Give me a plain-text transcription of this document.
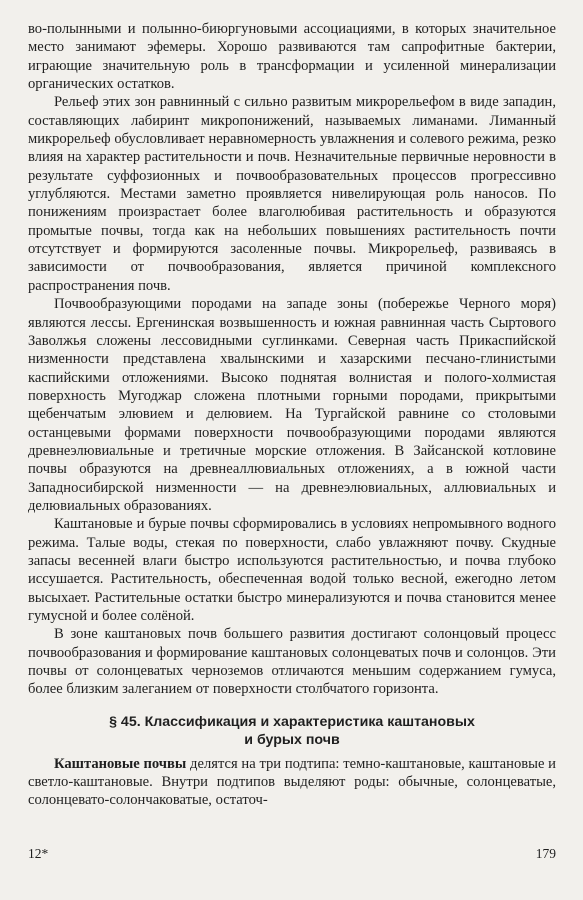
во-полынными и полынно-биюргуновыми ассоциациями, в которых значительное место занимают эфемеры. Хорошо развиваются там сапрофитные бактерии, играющие значительную роль в трансформации и усиленной минерализации органических остатков.

Рельеф этих зон равнинный с сильно развитым микрорельефом в виде западин, составляющих лабиринт микропонижений, называемых лиманами. Лиманный микрорельеф обусловливает неравномерность увлажнения и солевого режима, резко влияя на характер растительности и почв. Незначительные первичные неровности в результате суффозионных и почвообразовательных процессов прогрессивно углубляются. Местами заметно проявляется нивелирующая роль наносов. По понижениям произрастает более влаголюбивая растительность и образуются промытые почвы, тогда как на небольших повышениях растительность почти отсутствует и формируются засоленные почвы. Микрорельеф, развиваясь в зависимости от почвообразования, является причиной комплексного распространения почв.

Почвообразующими породами на западе зоны (побережье Черного моря) являются лессы. Ергенинская возвышенность и южная равнинная часть Сыртового Заволжья сложены лессовидными суглинками. Северная часть Прикаспийской низменности представлена хвалынскими и хазарскими песчано-глинистыми каспийскими отложениями. Высоко поднятая волнистая и полого-холмистая поверхность Мугоджар сложена плотными горными породами, прикрытыми щебенчатым элювием и делювием. На Тургайской равнине со столовыми останцевыми формами поверхности почвообразующими породами являются древнеэлювиальные и третичные морские отложения. В Зайсанской котловине почвы образуются на древнеаллювиальных отложениях, а в южной части Западносибирской низменности — на древнеэлювиальных, аллювиальных и делювиальных образованиях.

Каштановые и бурые почвы сформировались в условиях непромывного водного режима. Талые воды, стекая по поверхности, слабо увлажняют почву. Скудные запасы весенней влаги быстро используются растительностью, и почва глубоко иссушается. Растительность, обеспеченная водой только весной, ежегодно летом высыхает. Растительные остатки быстро минерализуются и почва становится менее гумусной и более солёной.

В зоне каштановых почв большего развития достигают солонцовый процесс почвообразования и формирование каштановых солонцеватых почв и солонцов. Эти почвы от солонцеватых черноземов отличаются меньшим содержанием гумуса, более близким залеганием от поверхности столбчатого горизонта.

§ 45. Классификация и характеристика каштановых
и бурых почв

Каштановые почвы делятся на три подтипа: темно-каштановые, каштановые и светло-каштановые. Внутри подтипов выделяют роды: обычные, солонцеватые, солонцевато-солончаковатые, остаточ-

12*	179
